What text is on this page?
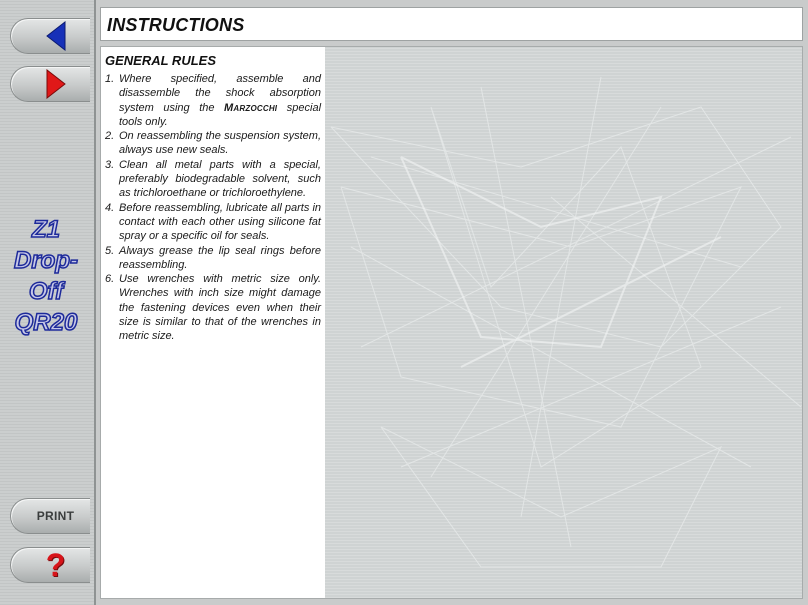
Z1
Drop-Off
QR20
PRINT
?
INSTRUCTIONS
GENERAL RULES
1. Where specified, assemble and disassemble the shock absorption system using the Marzocchi special tools only.
2. On reassembling the suspension system, always use new seals.
3. Clean all metal parts with a special, preferably biodegradable solvent, such as trichloroethane or trichloroethylene.
4. Before reassembling, lubricate all parts in contact with each other using silicone fat spray or a specific oil for seals.
5. Always grease the lip seal rings before reassembling.
6. Use wrenches with metric size only. Wrenches with inch size might damage the fastening devices even when their size is similar to that of the wrenches in metric size.
